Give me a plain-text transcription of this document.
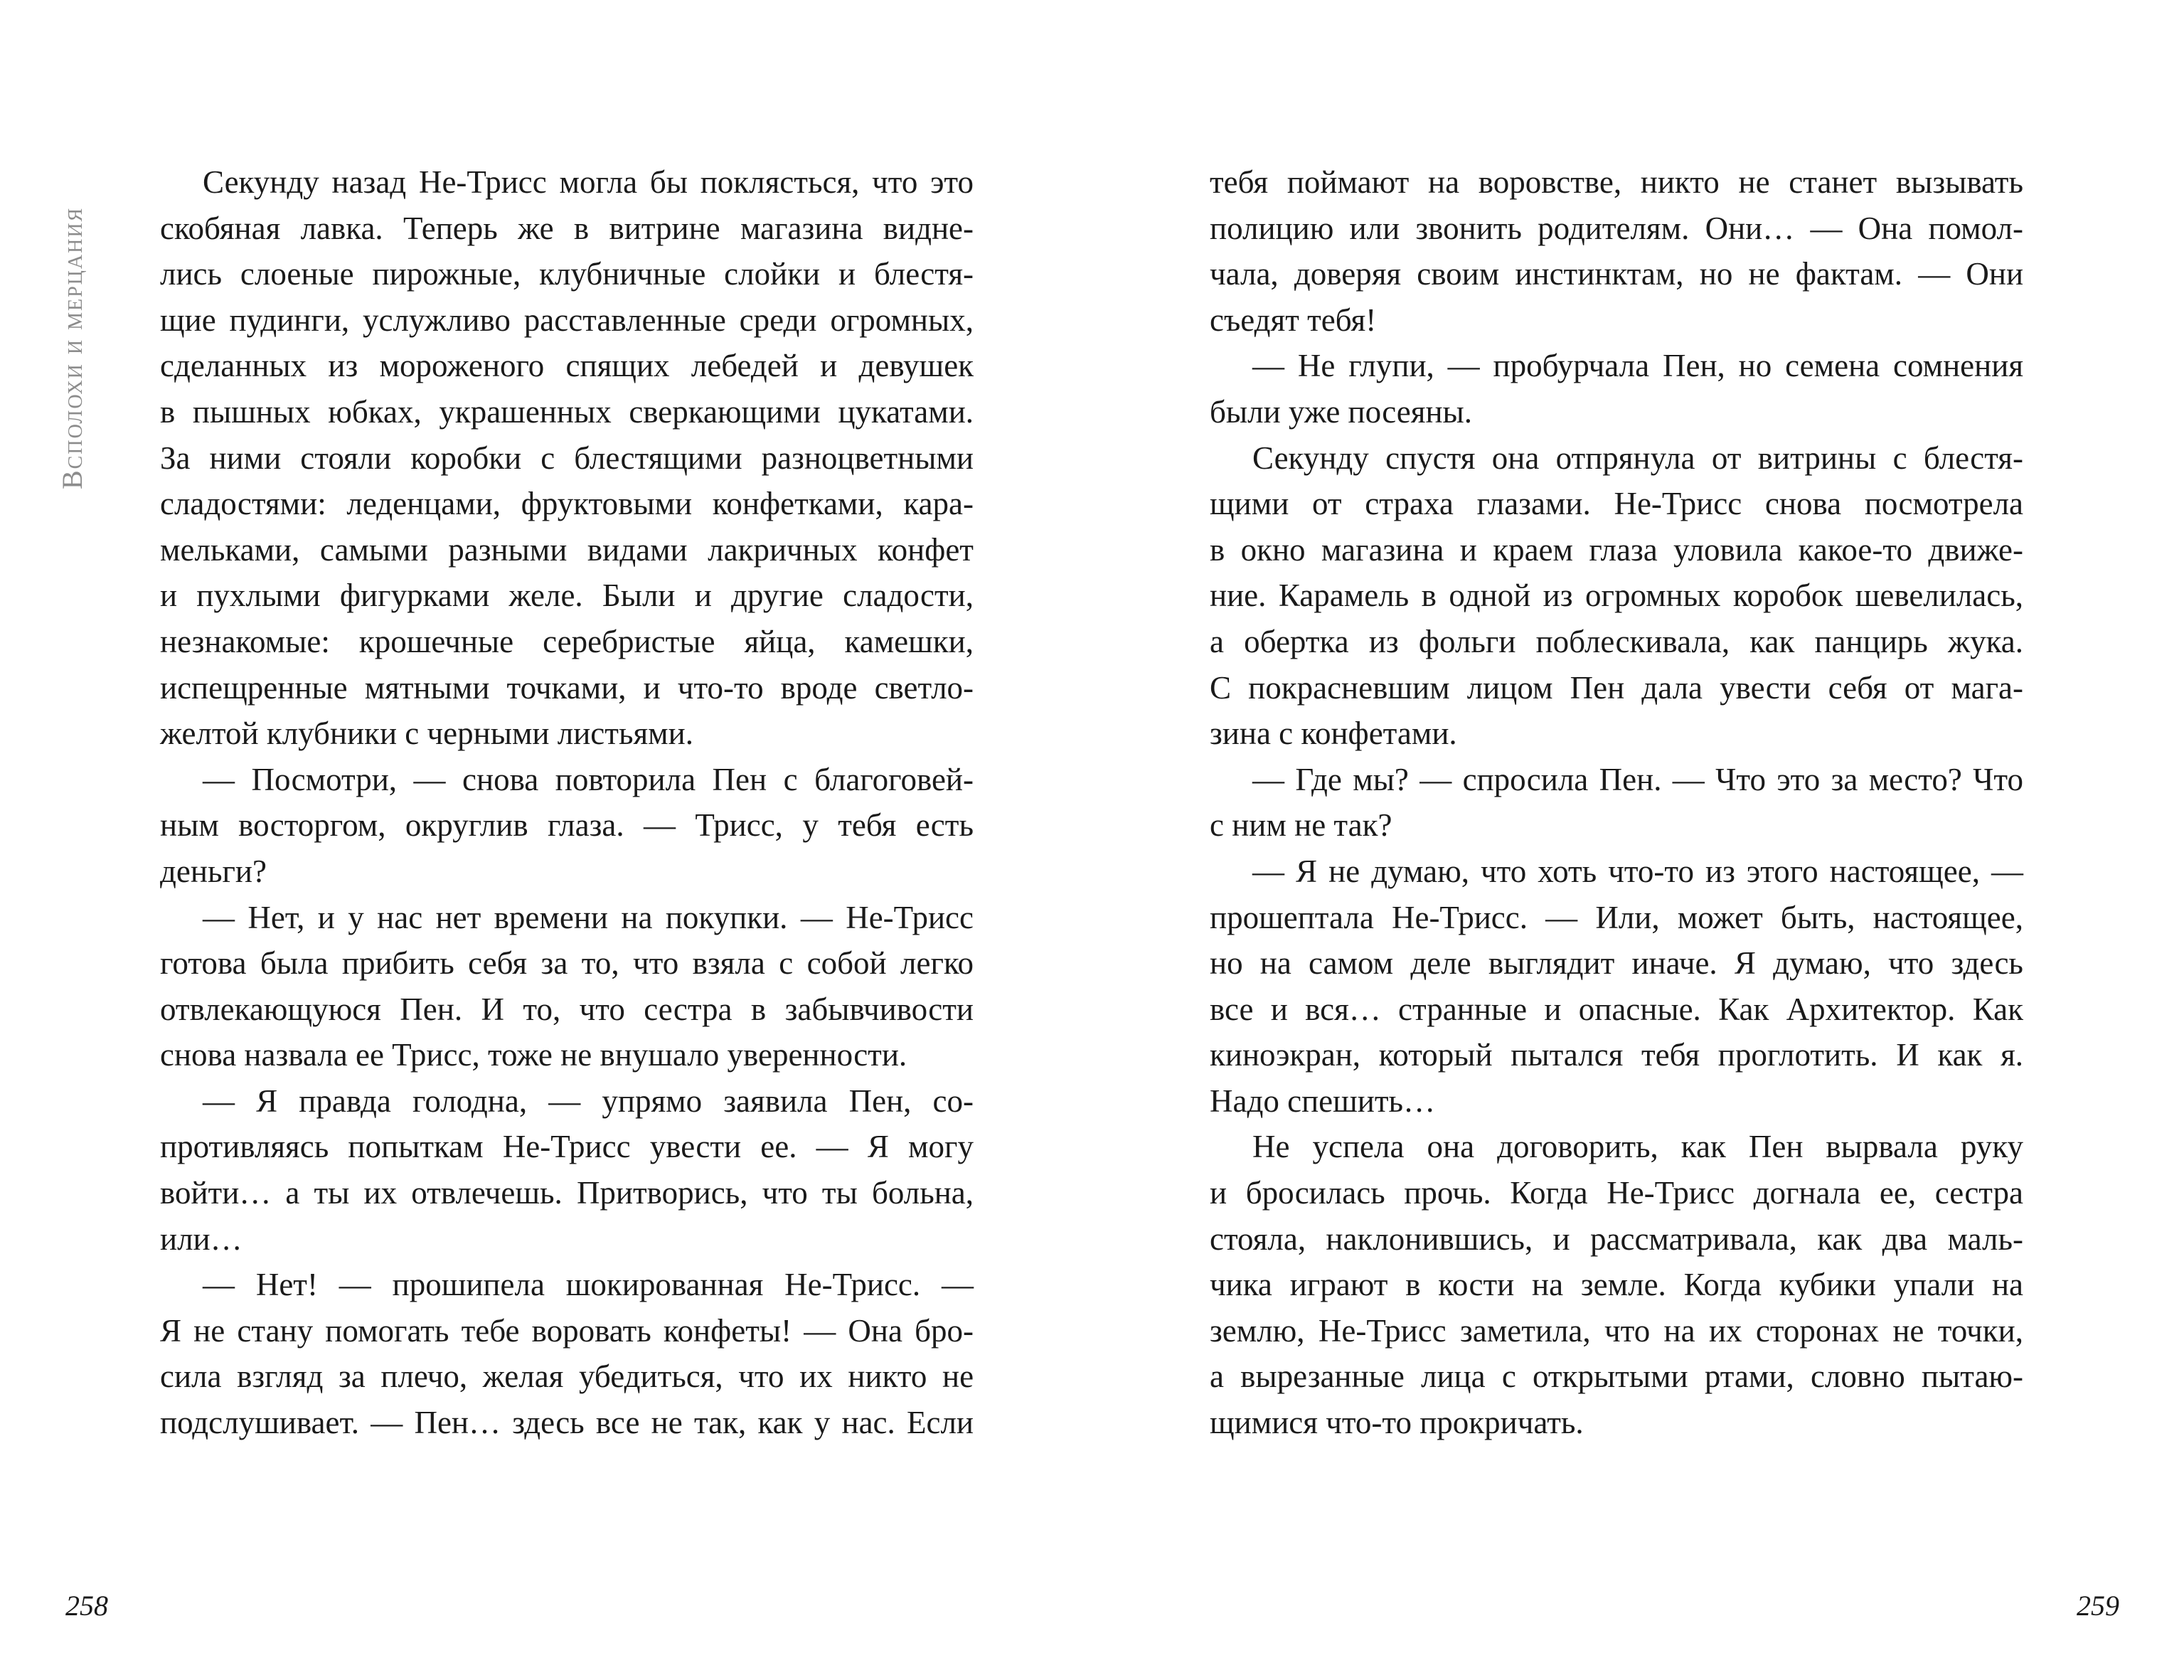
Всполохи и мерцания
Секунду назад Не-Трисс могла бы поклясться, что это
скобяная лавка. Теперь же в витрине магазина видне-
лись слоеные пирожные, клубничные слойки и блестя-
щие пудинги, услужливо расставленные среди огромных,
сделанных из мороженого спящих лебедей и девушек
в пышных юбках, украшенных сверкающими цукатами.
За ними стояли коробки с блестящими разноцветными
сладостями: леденцами, фруктовыми конфетками, кара-
мельками, самыми разными видами лакричных конфет
и пухлыми фигурками желе. Были и другие сладости,
незнакомые: крошечные серебристые яйца, камешки,
испещренные мятными точками, и что-то вроде светло-
желтой клубники с черными листьями.
— Посмотри, — снова повторила Пен с благоговей-
ным восторгом, округлив глаза. — Трисс, у тебя есть
деньги?
— Нет, и у нас нет времени на покупки. — Не-Трисс
готова была прибить себя за то, что взяла с собой легко
отвлекающуюся Пен. И то, что сестра в забывчивости
снова назвала ее Трисс, тоже не внушало уверенности.
— Я правда голодна, — упрямо заявила Пен, со-
противляясь попыткам Не-Трисс увести ее. — Я могу
войти… а ты их отвлечешь. Притворись, что ты больна,
или…
— Нет! — прошипела шокированная Не-Трисс. —
Я не стану помогать тебе воровать конфеты! — Она бро-
сила взгляд за плечо, желая убедиться, что их никто не
подслушивает. — Пен… здесь все не так, как у нас. Если
258
тебя поймают на воровстве, никто не станет вызывать
полицию или звонить родителям. Они… — Она помол-
чала, доверяя своим инстинктам, но не фактам. — Они
съедят тебя!
— Не глупи, — пробурчала Пен, но семена сомнения
были уже посеяны.
Секунду спустя она отпрянула от витрины с блестя-
щими от страха глазами. Не-Трисс снова посмотрела
в окно магазина и краем глаза уловила какое-то движе-
ние. Карамель в одной из огромных коробок шевелилась,
а обертка из фольги поблескивала, как панцирь жука.
С покрасневшим лицом Пен дала увести себя от мага-
зина с конфетами.
— Где мы? — спросила Пен. — Что это за место? Что
с ним не так?
— Я не думаю, что хоть что-то из этого настоящее, —
прошептала Не-Трисс. — Или, может быть, настоящее,
но на самом деле выглядит иначе. Я думаю, что здесь
все и вся… странные и опасные. Как Архитектор. Как
киноэкран, который пытался тебя проглотить. И как я.
Надо спешить…
Не успела она договорить, как Пен вырвала руку
и бросилась прочь. Когда Не-Трисс догнала ее, сестра
стояла, наклонившись, и рассматривала, как два маль-
чика играют в кости на земле. Когда кубики упали на
землю, Не-Трисс заметила, что на их сторонах не точки,
а вырезанные лица с открытыми ртами, словно пытаю-
щимися что-то прокричать.
259
